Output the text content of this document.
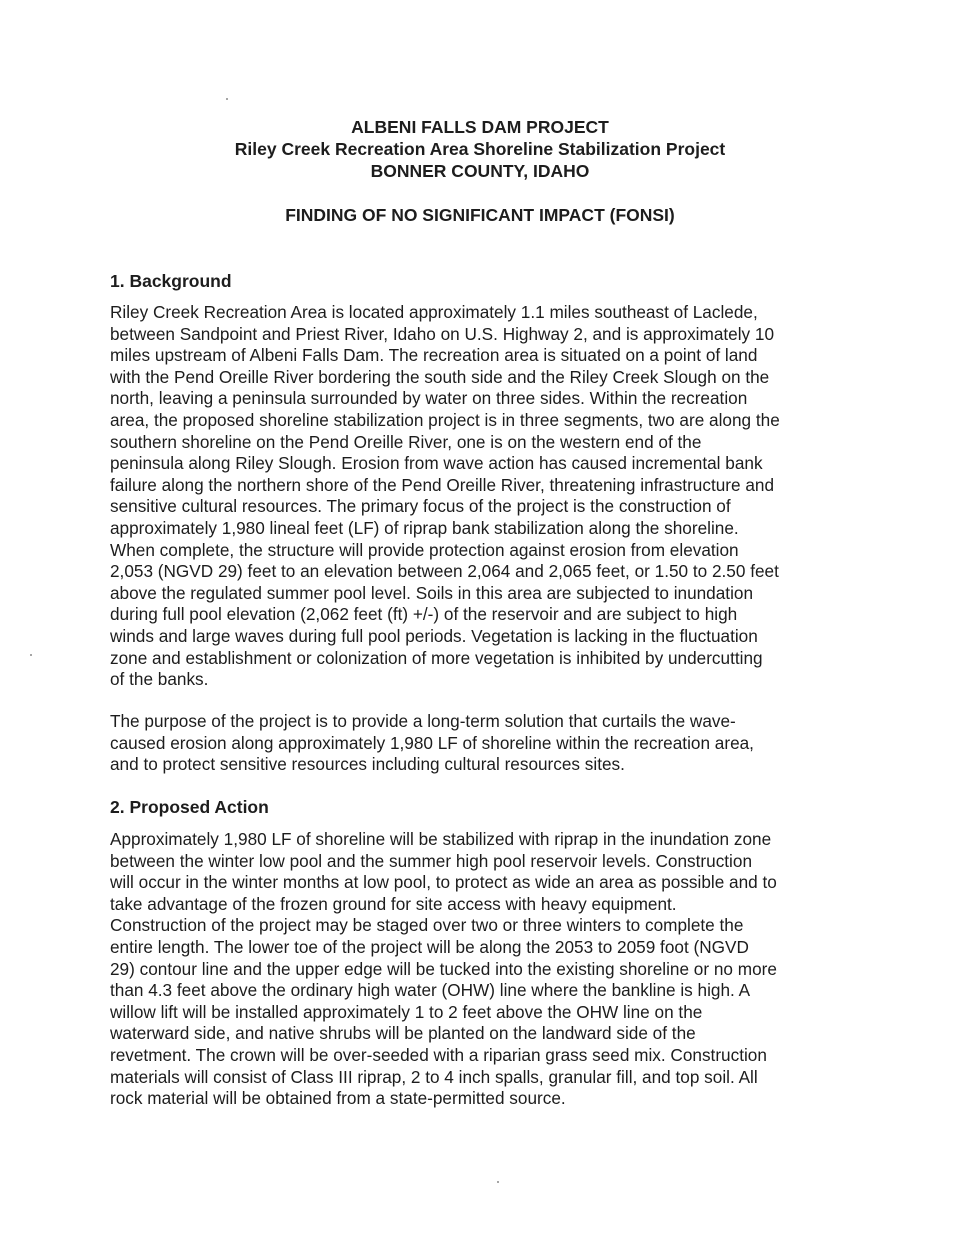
ALBENI FALLS DAM PROJECT
Riley Creek Recreation Area Shoreline Stabilization Project
BONNER COUNTY, IDAHO
FINDING OF NO SIGNIFICANT IMPACT (FONSI)
1. Background
Riley Creek Recreation Area is located approximately 1.1 miles southeast of Laclede,
between Sandpoint and Priest River, Idaho on U.S. Highway 2, and is approximately 10
miles upstream of Albeni Falls Dam. The recreation area is situated on a point of land
with the Pend Oreille River bordering the south side and the Riley Creek Slough on the
north, leaving a peninsula surrounded by water on three sides. Within the recreation
area, the proposed shoreline stabilization project is in three segments, two are along the
southern shoreline on the Pend Oreille River, one is on the western end of the
peninsula along Riley Slough. Erosion from wave action has caused incremental bank
failure along the northern shore of the Pend Oreille River, threatening infrastructure and
sensitive cultural resources. The primary focus of the project is the construction of
approximately 1,980 lineal feet (LF) of riprap bank stabilization along the shoreline.
When complete, the structure will provide protection against erosion from elevation
2,053 (NGVD 29) feet to an elevation between 2,064 and 2,065 feet, or 1.50 to 2.50 feet
above the regulated summer pool level. Soils in this area are subjected to inundation
during full pool elevation (2,062 feet (ft) +/-) of the reservoir and are subject to high
winds and large waves during full pool periods. Vegetation is lacking in the fluctuation
zone and establishment or colonization of more vegetation is inhibited by undercutting
of the banks.
The purpose of the project is to provide a long-term solution that curtails the wave-
caused erosion along approximately 1,980 LF of shoreline within the recreation area,
and to protect sensitive resources including cultural resources sites.
2. Proposed Action
Approximately 1,980 LF of shoreline will be stabilized with riprap in the inundation zone
between the winter low pool and the summer high pool reservoir levels. Construction
will occur in the winter months at low pool, to protect as wide an area as possible and to
take advantage of the frozen ground for site access with heavy equipment.
Construction of the project may be staged over two or three winters to complete the
entire length. The lower toe of the project will be along the 2053 to 2059 foot (NGVD
29) contour line and the upper edge will be tucked into the existing shoreline or no more
than 4.3 feet above the ordinary high water (OHW) line where the bankline is high. A
willow lift will be installed approximately 1 to 2 feet above the OHW line on the
waterward side, and native shrubs will be planted on the landward side of the
revetment. The crown will be over-seeded with a riparian grass seed mix. Construction
materials will consist of Class III riprap, 2 to 4 inch spalls, granular fill, and top soil. All
rock material will be obtained from a state-permitted source.
